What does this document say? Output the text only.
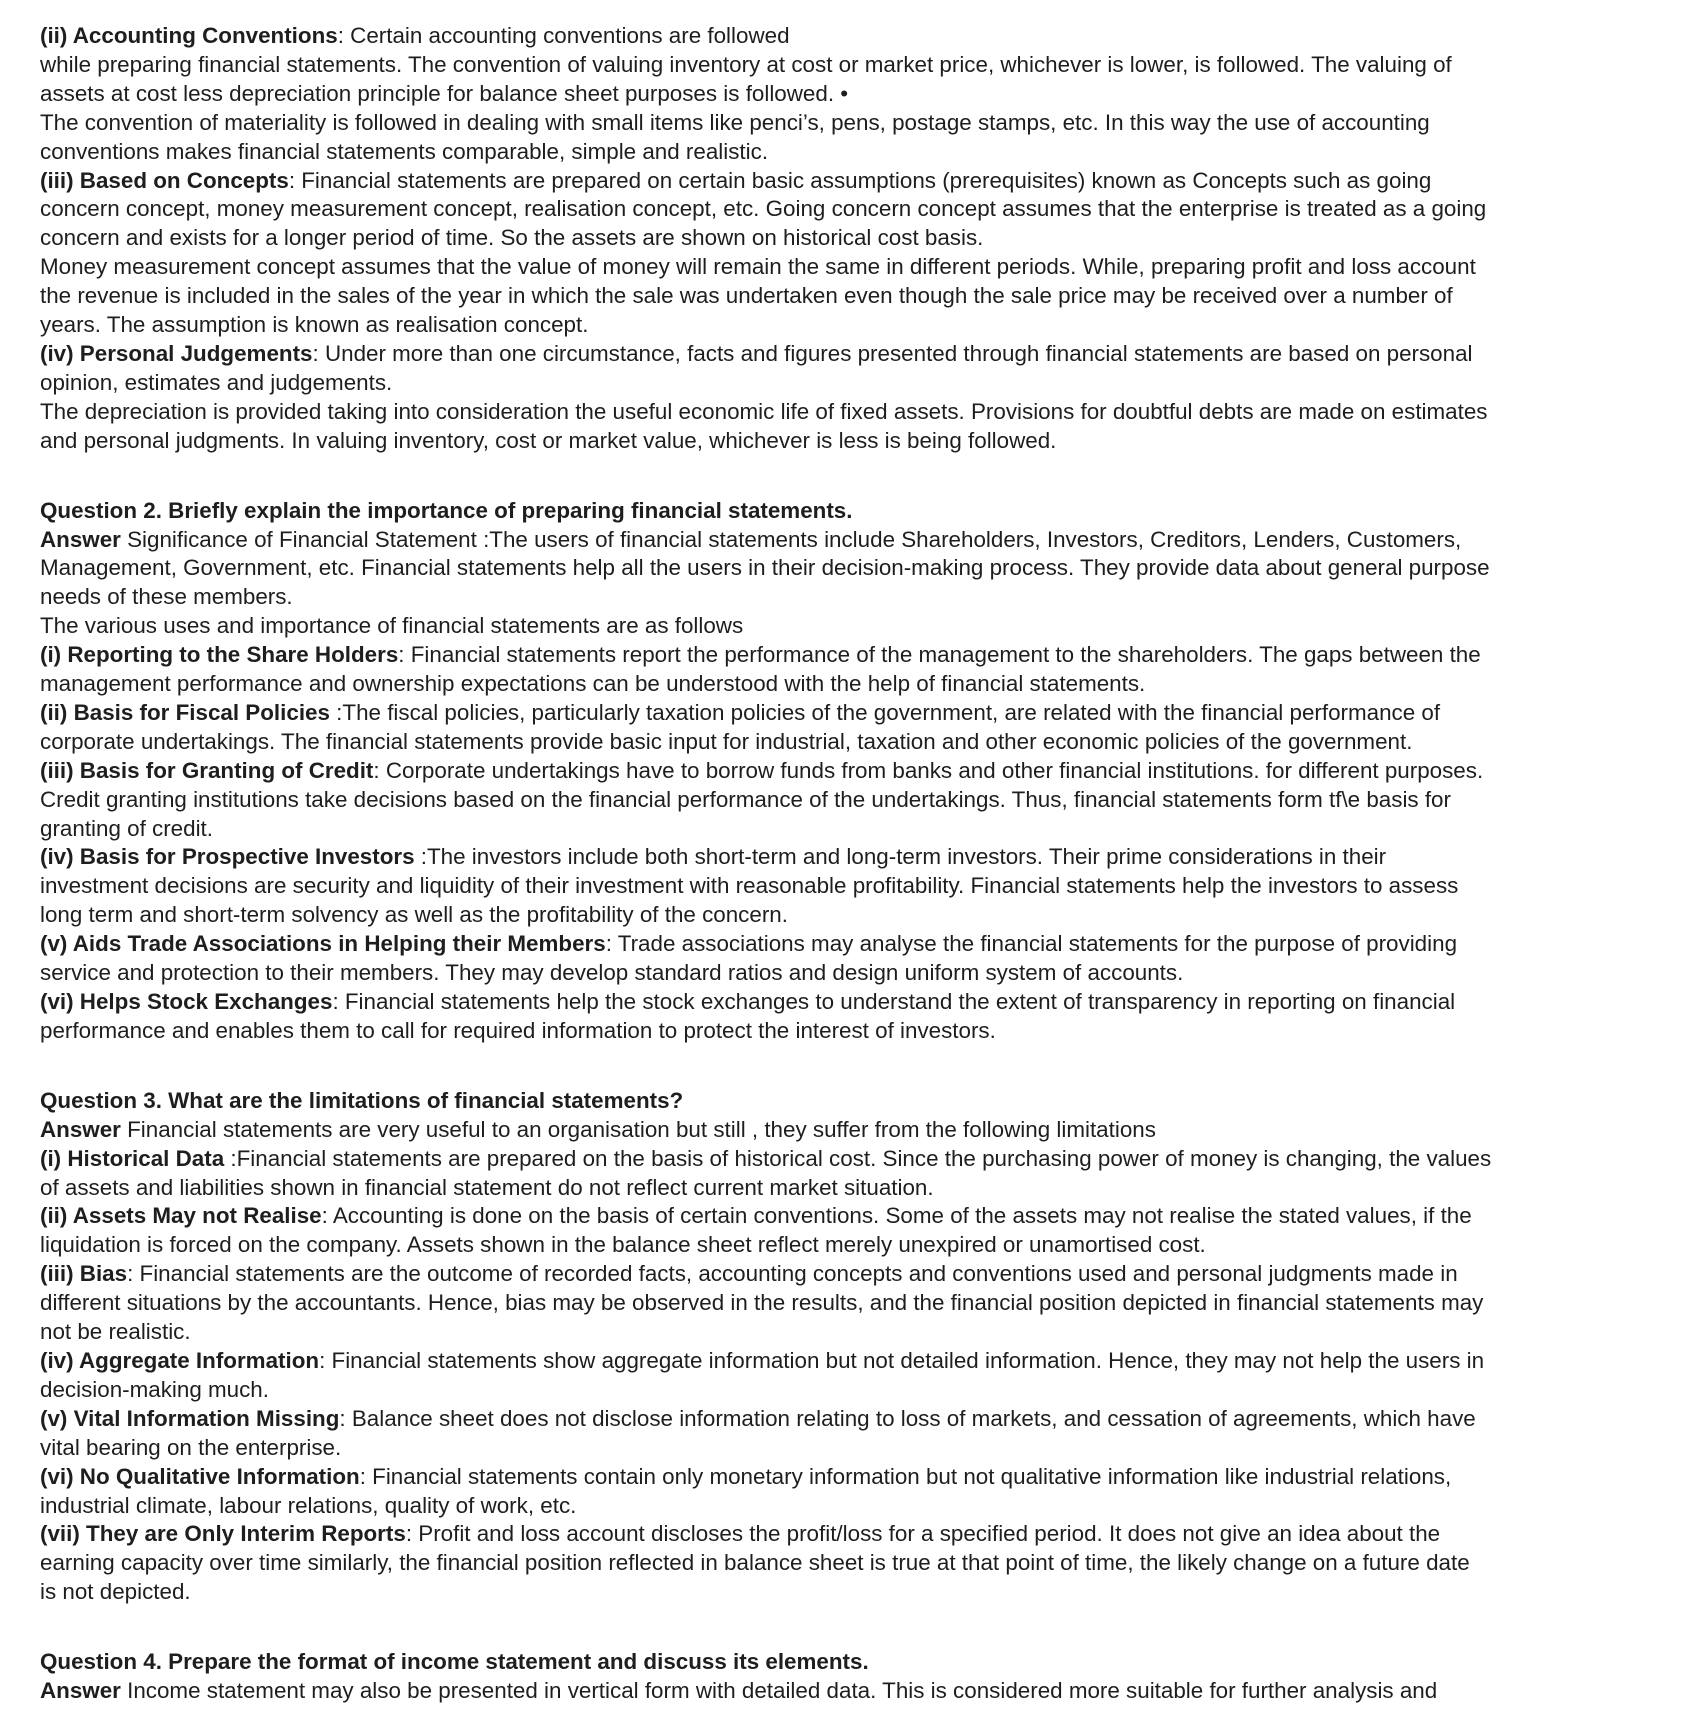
(ii) Accounting Conventions: Certain accounting conventions are followed
while preparing financial statements. The convention of valuing inventory at cost or market price, whichever is lower, is followed. The valuing of
assets at cost less depreciation principle for balance sheet purposes is followed. •
The convention of materiality is followed in dealing with small items like penci’s, pens, postage stamps, etc. In this way the use of accounting
conventions makes financial statements comparable, simple and realistic.
(iii) Based on Concepts: Financial statements are prepared on certain basic assumptions (prerequisites) known as Concepts such as going
concern concept, money measurement concept, realisation concept, etc. Going concern concept assumes that the enterprise is treated as a going
concern and exists for a longer period of time. So the assets are shown on historical cost basis.
Money measurement concept assumes that the value of money will remain the same in different periods. While, preparing profit and loss account
the revenue is included in the sales of the year in which the sale was undertaken even though the sale price may be received over a number of
years. The assumption is known as realisation concept.
(iv) Personal Judgements: Under more than one circumstance, facts and figures presented through financial statements are based on personal
opinion, estimates and judgements.
The depreciation is provided taking into consideration the useful economic life of fixed assets. Provisions for doubtful debts are made on estimates
and personal judgments. In valuing inventory, cost or market value, whichever is less is being followed.
Question 2. Briefly explain the importance of preparing financial statements.
Answer Significance of Financial Statement :The users of financial statements include Shareholders, Investors, Creditors, Lenders, Customers,
Management, Government, etc. Financial statements help all the users in their decision-making process. They provide data about general purpose
needs of these members.
The various uses and importance of financial statements are as follows
(i) Reporting to the Share Holders: Financial statements report the performance of the management to the shareholders. The gaps between the
management performance and ownership expectations can be understood with the help of financial statements.
(ii) Basis for Fiscal Policies :The fiscal policies, particularly taxation policies of the government, are related with the financial performance of
corporate undertakings. The financial statements provide basic input for industrial, taxation and other economic policies of the government.
(iii) Basis for Granting of Credit: Corporate undertakings have to borrow funds from banks and other financial institutions. for different purposes.
Credit granting institutions take decisions based on the financial performance of the undertakings. Thus, financial statements form tf\e basis for
granting of credit.
(iv) Basis for Prospective Investors :The investors include both short-term and long-term investors. Their prime considerations in their
investment decisions are security and liquidity of their investment with reasonable profitability. Financial statements help the investors to assess
long term and short-term solvency as well as the profitability of the concern.
(v) Aids Trade Associations in Helping their Members: Trade associations may analyse the financial statements for the purpose of providing
service and protection to their members. They may develop standard ratios and design uniform system of accounts.
(vi) Helps Stock Exchanges: Financial statements help the stock exchanges to understand the extent of transparency in reporting on financial
performance and enables them to call for required information to protect the interest of investors.
Question 3. What are the limitations of financial statements?
Answer Financial statements are very useful to an organisation but still , they suffer from the following limitations
(i) Historical Data :Financial statements are prepared on the basis of historical cost. Since the purchasing power of money is changing, the values
of assets and liabilities shown in financial statement do not reflect current market situation.
(ii) Assets May not Realise: Accounting is done on the basis of certain conventions. Some of the assets may not realise the stated values, if the
liquidation is forced on the company. Assets shown in the balance sheet reflect merely unexpired or unamortised cost.
(iii) Bias: Financial statements are the outcome of recorded facts, accounting concepts and conventions used and personal judgments made in
different situations by the accountants. Hence, bias may be observed in the results, and the financial position depicted in financial statements may
not be realistic.
(iv) Aggregate Information: Financial statements show aggregate information but not detailed information. Hence, they may not help the users in
decision-making much.
(v) Vital Information Missing: Balance sheet does not disclose information relating to loss of markets, and cessation of agreements, which have
vital bearing on the enterprise.
(vi) No Qualitative Information: Financial statements contain only monetary information but not qualitative information like industrial relations,
industrial climate, labour relations, quality of work, etc.
(vii) They are Only Interim Reports: Profit and loss account discloses the profit/loss for a specified period. It does not give an idea about the
earning capacity over time similarly, the financial position reflected in balance sheet is true at that point of time, the likely change on a future date
is not depicted.
Question 4. Prepare the format of income statement and discuss its elements.
Answer Income statement may also be presented in vertical form with detailed data. This is considered more suitable for further analysis and
